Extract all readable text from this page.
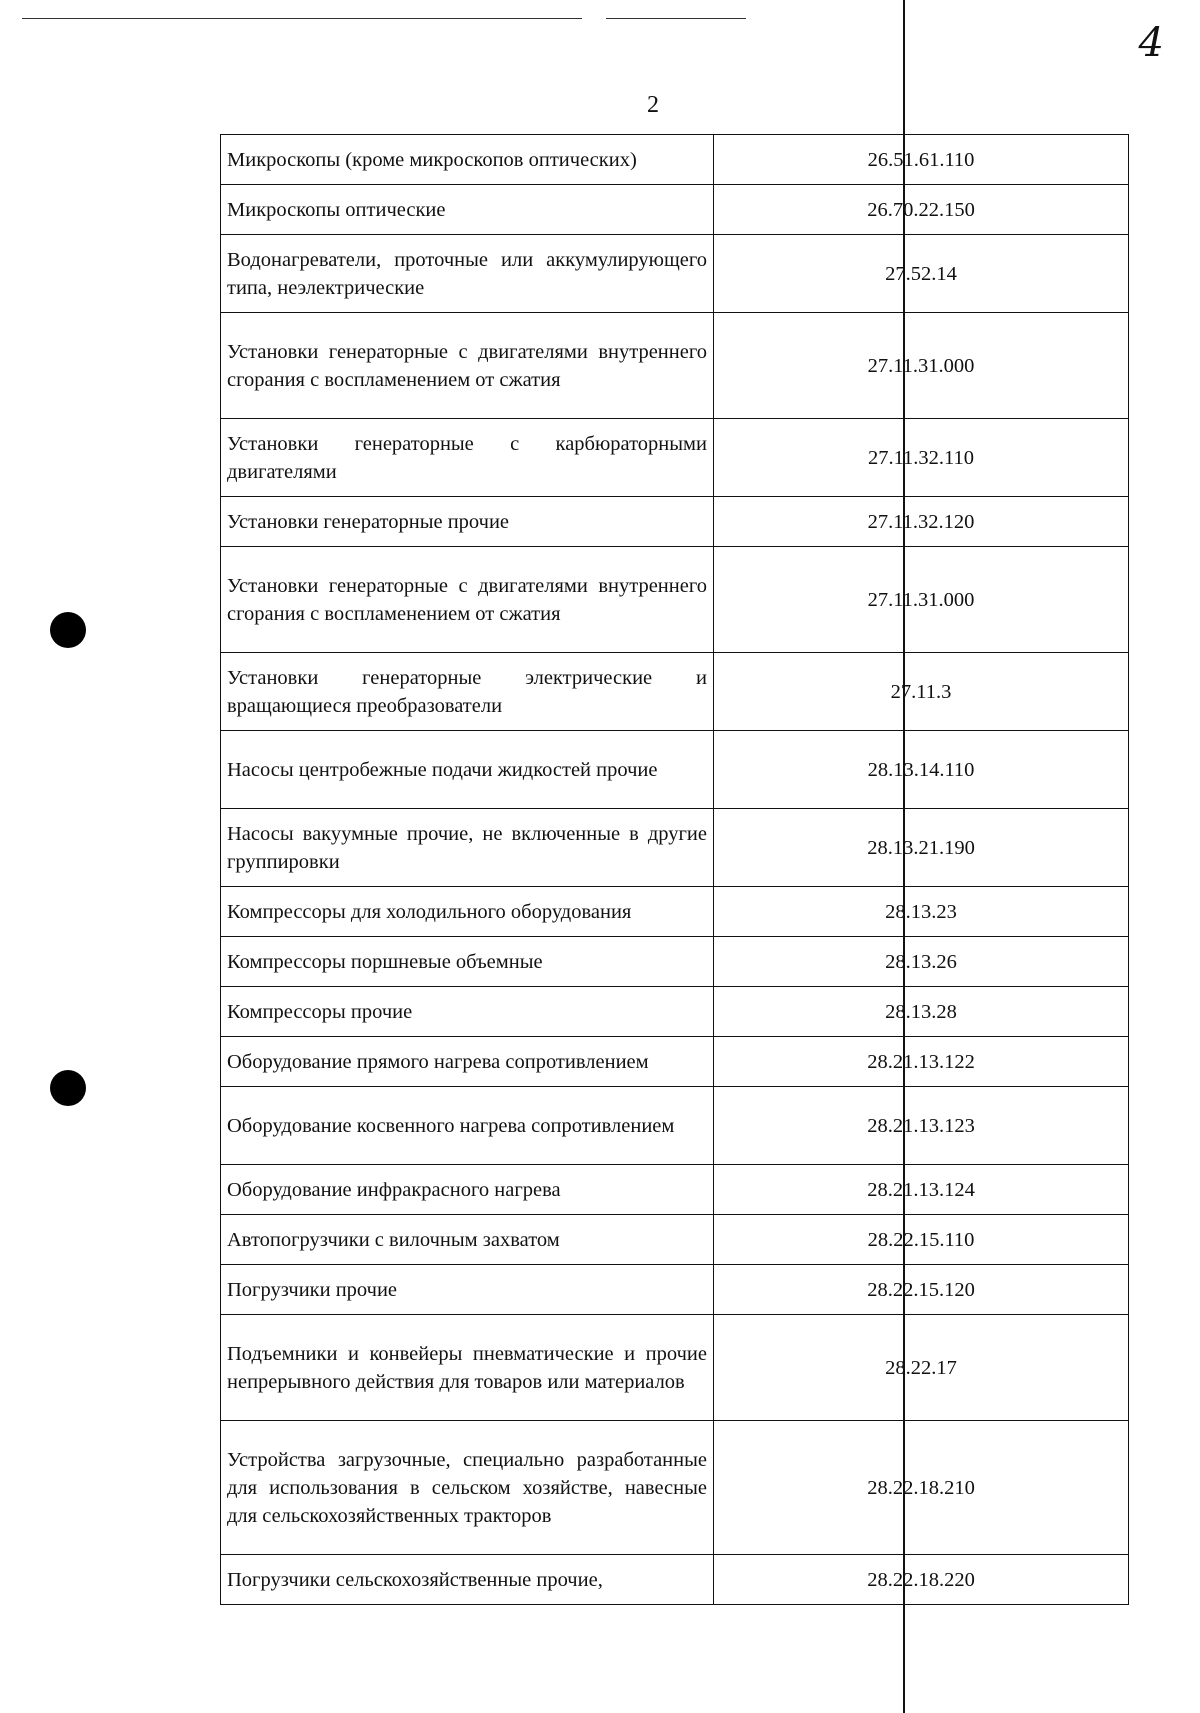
4
2
Микроскопы (кроме микроскопов оптических)	26.51.61.110
Микроскопы оптические	26.70.22.150
Водонагреватели, проточные или аккумулирующего типа, неэлектрические	27.52.14
Установки генераторные с двигателями внутреннего сгорания с воспламенением от сжатия	27.11.31.000
Установки генераторные с карбюраторными двигателями	27.11.32.110
Установки генераторные прочие	27.11.32.120
Установки генераторные с двигателями внутреннего сгорания с воспламенением от сжатия	27.11.31.000
Установки генераторные электрические и вращающиеся преобразователи	27.11.3
Насосы центробежные подачи жидкостей прочие	28.13.14.110
Насосы вакуумные прочие, не включенные в другие группировки	28.13.21.190
Компрессоры для холодильного оборудования	28.13.23
Компрессоры поршневые объемные	28.13.26
Компрессоры прочие	28.13.28
Оборудование прямого нагрева сопротивлением	28.21.13.122
Оборудование косвенного нагрева сопротивлением	28.21.13.123
Оборудование инфракрасного нагрева	28.21.13.124
Автопогрузчики с вилочным захватом	28.22.15.110
Погрузчики прочие	28.22.15.120
Подъемники и конвейеры пневматические и прочие непрерывного действия для товаров или материалов	28.22.17
Устройства загрузочные, специально разработанные для использования в сельском хозяйстве, навесные для сельскохозяйственных тракторов	28.22.18.210
Погрузчики сельскохозяйственные прочие,	28.22.18.220
